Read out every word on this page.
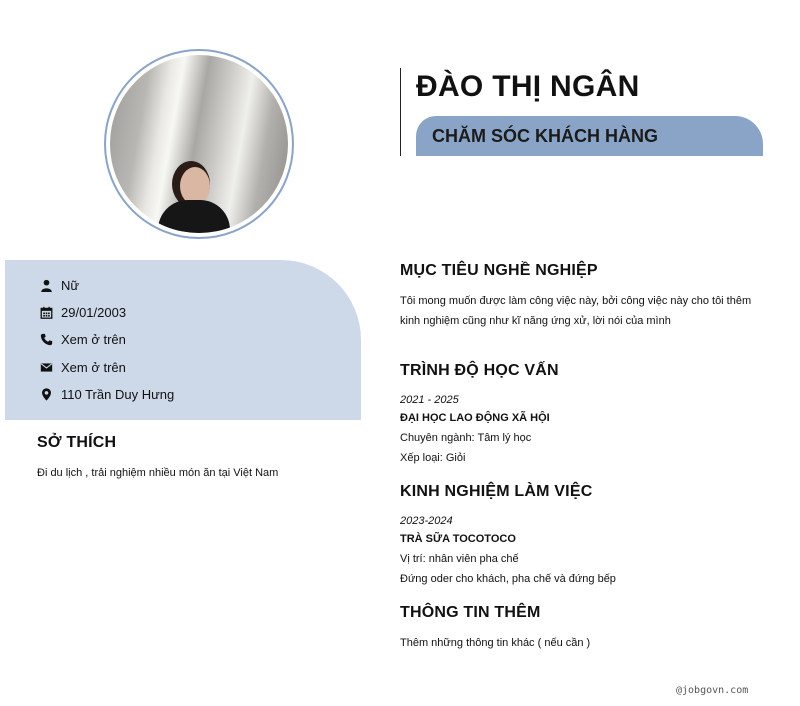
ĐÀO THỊ NGÂN
CHĂM SÓC KHÁCH HÀNG
Nữ
29/01/2003
Xem ở trên
Xem ở trên
110 Trần Duy Hưng
SỞ THÍCH
Đi du lịch , trải nghiệm nhiều món ăn tại Việt Nam
MỤC TIÊU NGHỀ NGHIỆP
Tôi mong muốn được làm công việc này, bởi công việc này cho tôi thêm
kinh nghiệm cũng như kĩ năng ứng xử, lời nói của mình
TRÌNH ĐỘ HỌC VẤN
2021 - 2025
ĐẠI HỌC LAO ĐỘNG XÃ HỘI
Chuyên ngành: Tâm lý học
Xếp loại: Giỏi
KINH NGHIỆM LÀM VIỆC
2023-2024
TRÀ SỮA TOCOTOCO
Vị trí: nhân viên pha chế
Đứng oder cho khách, pha chế và đứng bếp
THÔNG TIN THÊM
Thêm những thông tin khác ( nếu cần )
@jobgovn.com
